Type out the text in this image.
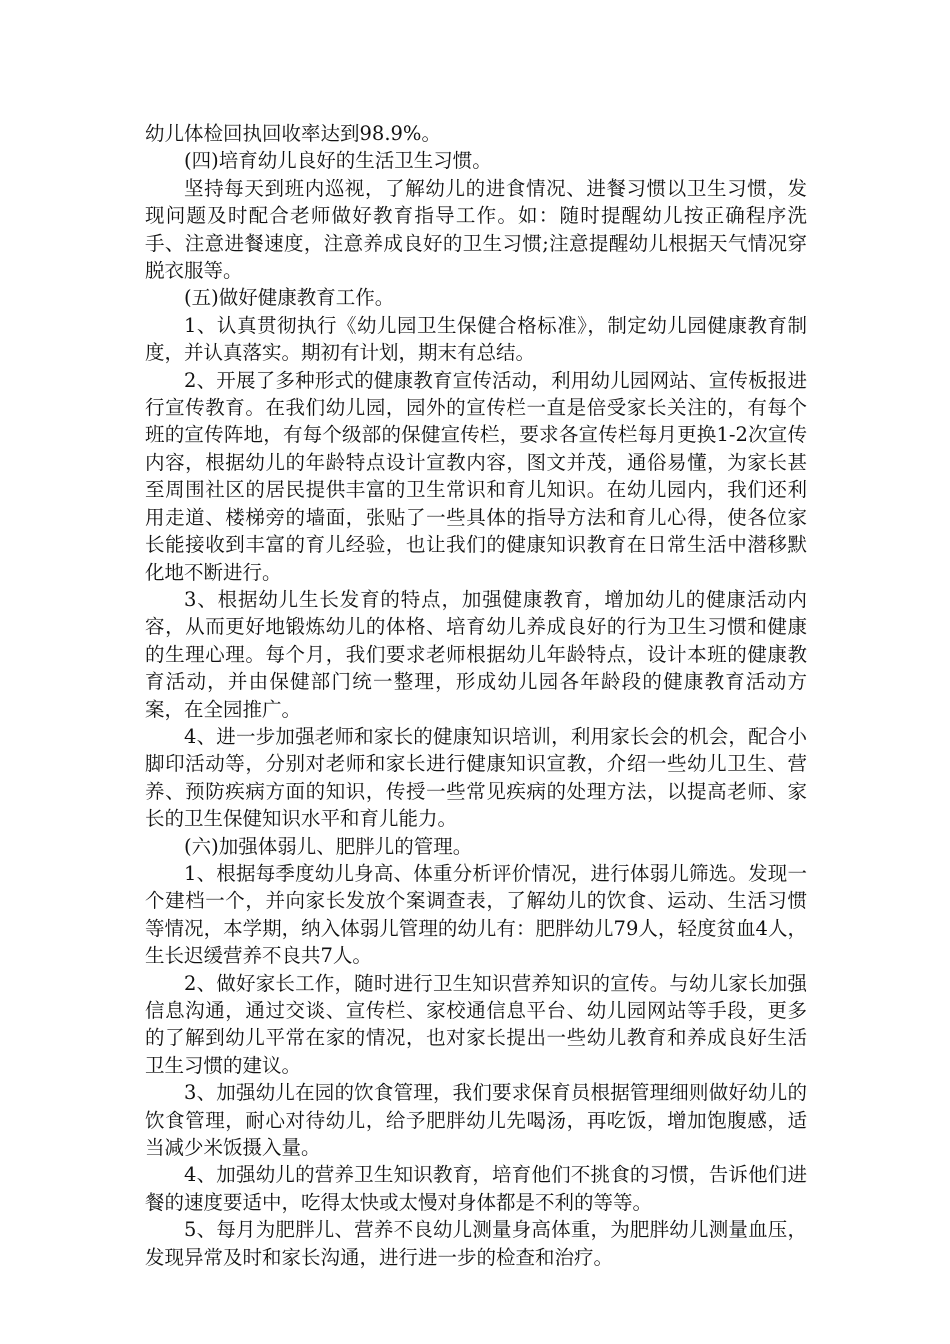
幼儿体检回执回收率达到98.9%。

(四)培育幼儿良好的生活卫生习惯。

坚持每天到班内巡视，了解幼儿的进食情况、进餐习惯以卫生习惯，发现问题及时配合老师做好教育指导工作。如：随时提醒幼儿按正确程序洗手、注意进餐速度，注意养成良好的卫生习惯;注意提醒幼儿根据天气情况穿脱衣服等。

(五)做好健康教育工作。

1、认真贯彻执行《幼儿园卫生保健合格标准》，制定幼儿园健康教育制度，并认真落实。期初有计划，期末有总结。

2、开展了多种形式的健康教育宣传活动，利用幼儿园网站、宣传板报进行宣传教育。在我们幼儿园，园外的宣传栏一直是倍受家长关注的，有每个班的宣传阵地，有每个级部的保健宣传栏，要求各宣传栏每月更换1-2次宣传内容，根据幼儿的年龄特点设计宣教内容，图文并茂，通俗易懂，为家长甚至周围社区的居民提供丰富的卫生常识和育儿知识。在幼儿园内，我们还利用走道、楼梯旁的墙面，张贴了一些具体的指导方法和育儿心得，使各位家长能接收到丰富的育儿经验，也让我们的健康知识教育在日常生活中潜移默化地不断进行。

3、根据幼儿生长发育的特点，加强健康教育，增加幼儿的健康活动内容，从而更好地锻炼幼儿的体格、培育幼儿养成良好的行为卫生习惯和健康的生理心理。每个月，我们要求老师根据幼儿年龄特点，设计本班的健康教育活动，并由保健部门统一整理，形成幼儿园各年龄段的健康教育活动方案，在全园推广。

4、进一步加强老师和家长的健康知识培训，利用家长会的机会，配合小脚印活动等，分别对老师和家长进行健康知识宣教，介绍一些幼儿卫生、营养、预防疾病方面的知识，传授一些常见疾病的处理方法，以提高老师、家长的卫生保健知识水平和育儿能力。

(六)加强体弱儿、肥胖儿的管理。

1、根据每季度幼儿身高、体重分析评价情况，进行体弱儿筛选。发现一个建档一个，并向家长发放个案调查表，了解幼儿的饮食、运动、生活习惯等情况，本学期，纳入体弱儿管理的幼儿有：肥胖幼儿79人，轻度贫血4人，生长迟缓营养不良共7人。

2、做好家长工作，随时进行卫生知识营养知识的宣传。与幼儿家长加强信息沟通，通过交谈、宣传栏、家校通信息平台、幼儿园网站等手段，更多的了解到幼儿平常在家的情况，也对家长提出一些幼儿教育和养成良好生活卫生习惯的建议。

3、加强幼儿在园的饮食管理，我们要求保育员根据管理细则做好幼儿的饮食管理，耐心对待幼儿，给予肥胖幼儿先喝汤，再吃饭，增加饱腹感，适当减少米饭摄入量。

4、加强幼儿的营养卫生知识教育，培育他们不挑食的习惯，告诉他们进餐的速度要适中，吃得太快或太慢对身体都是不利的等等。

5、每月为肥胖儿、营养不良幼儿测量身高体重，为肥胖幼儿测量血压，发现异常及时和家长沟通，进行进一步的检查和治疗。
